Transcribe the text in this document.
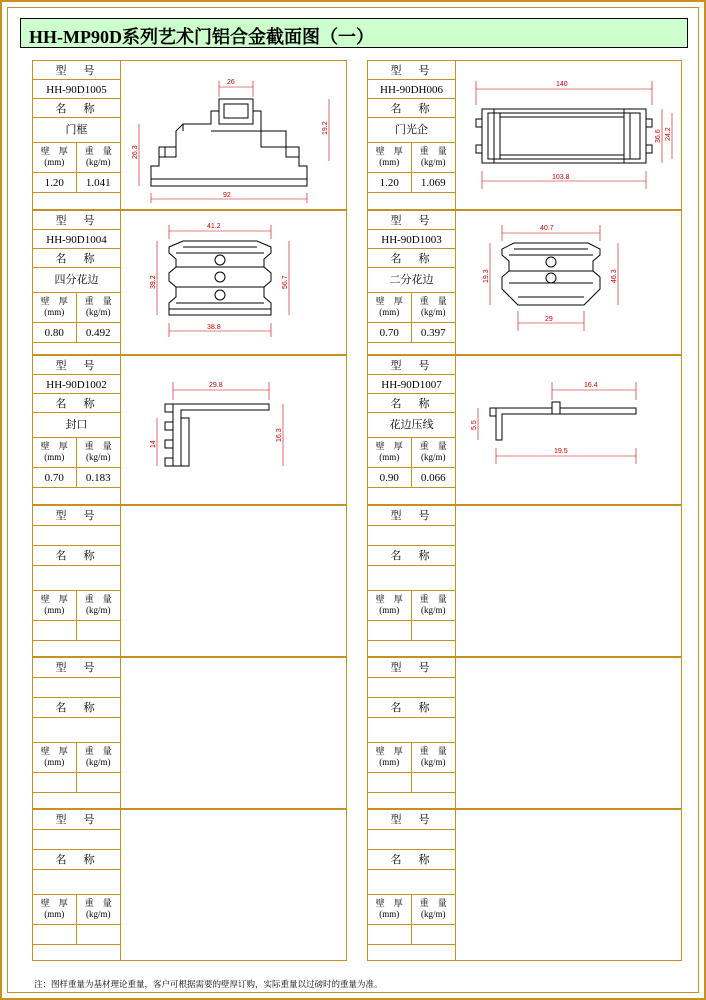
HH-MP90D系列艺术门铝合金截面图（一）
型　号
HH-90D1005
名　称
门框
壁　厚
(mm)
重　量
(kg/m)
1.20	1.041
26
92
26.3
19.2
型　号
HH-90D1004
名　称
四分花边
壁　厚
(mm)
重　量
(kg/m)
0.80	0.492
41.2
38.8
39.2	56.7
型　号
HH-90D1002
名　称
封口
壁　厚
(mm)
重　量
(kg/m)
0.70	0.183
29.8
14
16.3
型　号
名　称
壁　厚
(mm)
重　量
(kg/m)
型　号
名　称
壁　厚
(mm)
重　量
(kg/m)
型　号
名　称
壁　厚
(mm)
重　量
(kg/m)
型　号
HH-90DH006
名　称
门光企
壁　厚
(mm)
重　量
(kg/m)
1.20	1.069
140
103.8
36.6 24.2
型　号
HH-90D1003
名　称
二分花边
壁　厚
(mm)
重　量
(kg/m)
0.70	0.397
40.7
29
19.3	46.3
型　号
HH-90D1007
名　称
花边压线
壁　厚
(mm)
重　量
(kg/m)
0.90	0.066
16.4
19.5
5.5
型　号
名　称
壁　厚
(mm)
重　量
(kg/m)
型　号
名　称
壁　厚
(mm)
重　量
(kg/m)
型　号
名　称
壁　厚
(mm)
重　量
(kg/m)
注：图样重量为基材理论重量，客户可根据需要的壁厚订购，实际重量以过磅时的重量为准。
